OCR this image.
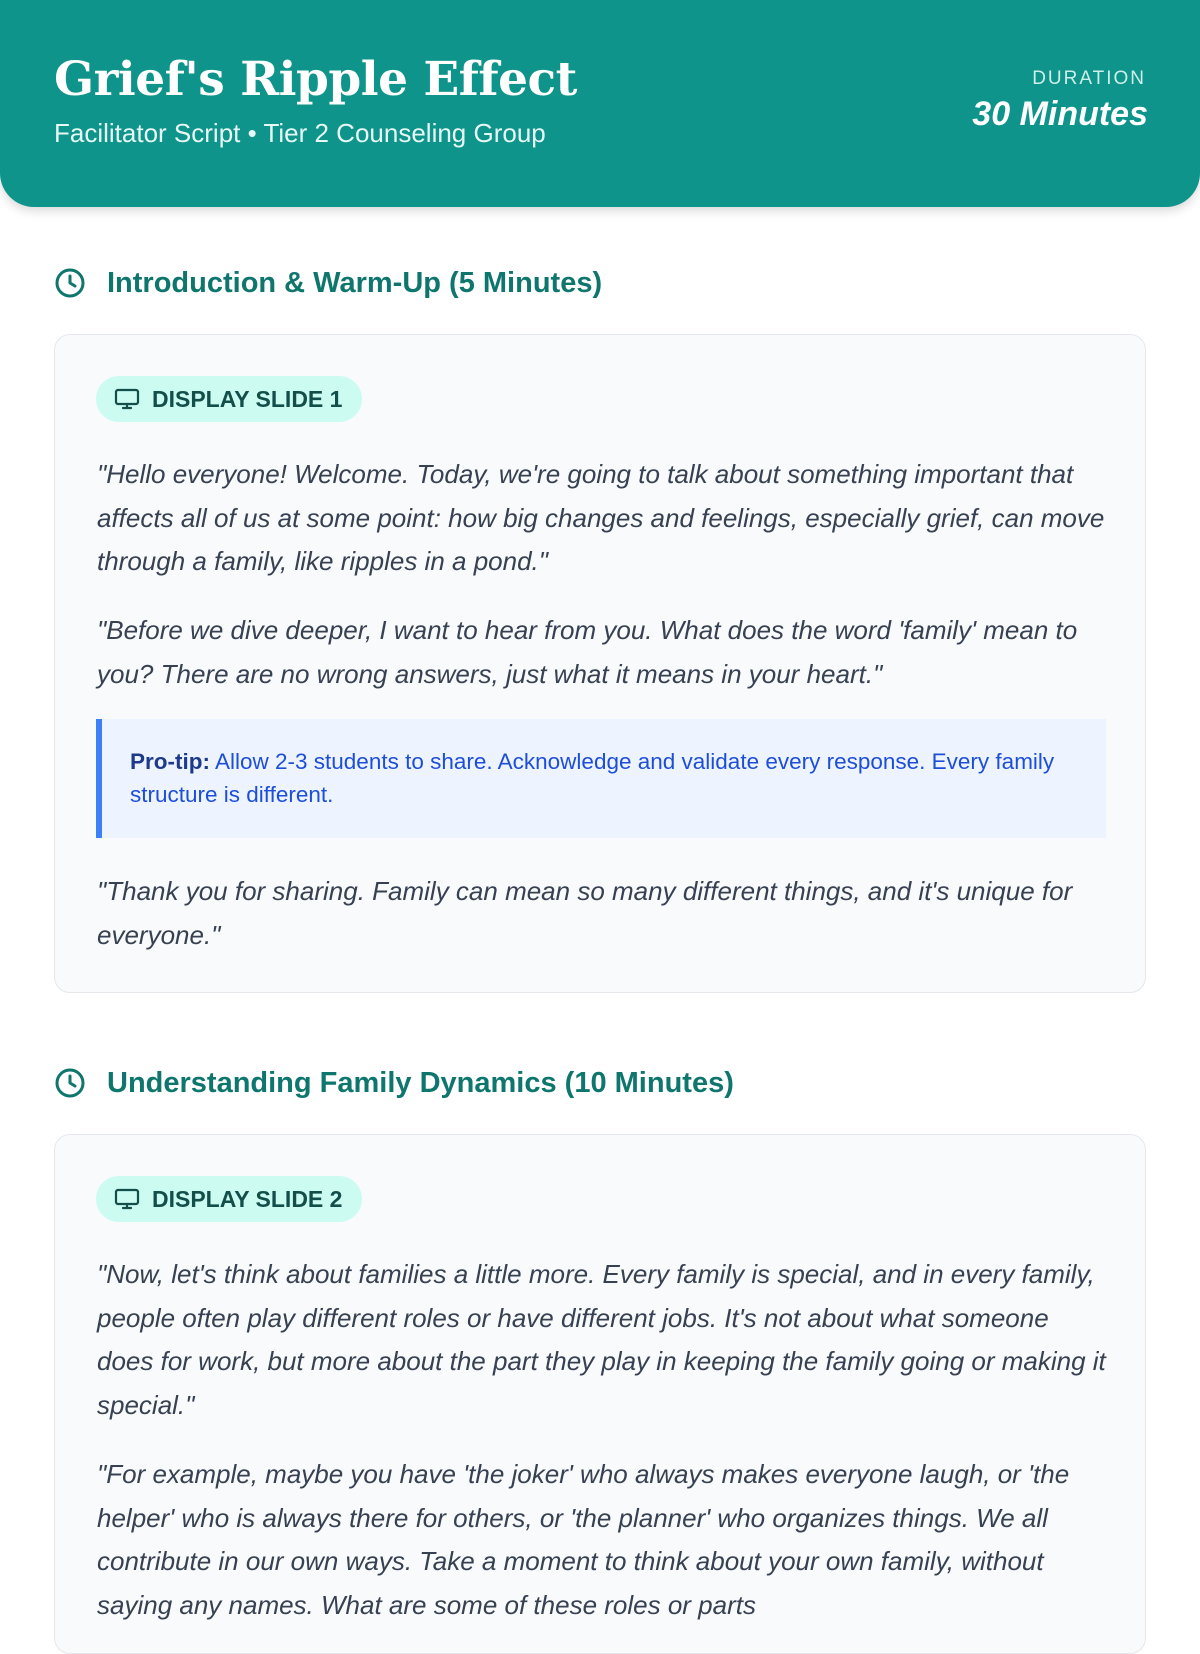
Grief's Ripple Effect
Facilitator Script • Tier 2 Counseling Group
DURATION
30 Minutes
Introduction & Warm-Up (5 Minutes)
DISPLAY SLIDE 1
"Hello everyone! Welcome. Today, we're going to talk about something important that affects all of us at some point: how big changes and feelings, especially grief, can move through a family, like ripples in a pond."
"Before we dive deeper, I want to hear from you. What does the word 'family' mean to you? There are no wrong answers, just what it means in your heart."
Pro-tip: Allow 2-3 students to share. Acknowledge and validate every response. Every family structure is different.
"Thank you for sharing. Family can mean so many different things, and it's unique for everyone."
Understanding Family Dynamics (10 Minutes)
DISPLAY SLIDE 2
"Now, let's think about families a little more. Every family is special, and in every family, people often play different roles or have different jobs. It's not about what someone does for work, but more about the part they play in keeping the family going or making it special."
"For example, maybe you have 'the joker' who always makes everyone laugh, or 'the helper' who is always there for others, or 'the planner' who organizes things. We all contribute in our own ways. Take a moment to think about your own family, without saying any names. What are some of these roles or parts
